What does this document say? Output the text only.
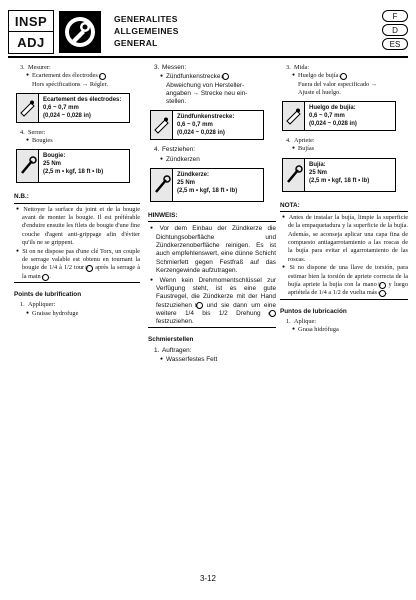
INSP
ADJ
GENERALITES
ALLGEMEINES
GENERAL
F
D
ES
3. Mesurer:
● Ecartement des électrodes a
Hors spécifications → Régler.
Ecartement des électrodes:
0,6 ~ 0,7 mm
(0,024 ~ 0,028 in)
4. Serrer:
● Bougies
Bougie:
25 Nm
(2,5 m • kgf, 18 ft • lb)
N.B.:
● Nettoyer la surface du joint et de la bougie avant de monter la bougie. Il est préférable d'enduire ensuite les filets de bougie d'une fine couche d'agent anti-grippage afin d'éviter qu'ils ne se grippent.
● Si on ne dispose pas d'une clé Torx, un couple de serrage valable est obtenu en tournant la bougie de 1/4 à 1/2 tour b après la serrage à la main c .
Points de lubrification
1. Appliquer:
● Graisse hydrofuge
3. Messen:
● Zündfunkenstrecke a
Abweichung von Hersteller-
angaben → Strecke neu ein-
stellen.
Zündfunkenstrecke:
0,6 ~ 0,7 mm
(0,024 ~ 0,028 in)
4. Festziehen:
● Zündkerzen
Zündkerze:
25 Nm
(2,5 m • kgf, 18 ft • lb)
HINWEIS:
● Vor dem Einbau der Zündkerze die Dichtungsoberfläche und Zündkerzenoberfläche reinigen. Es ist auch empfehlenswert, eine dünne Schicht Schmierfett gegen Festfraß auf das Kerzengewinde aufzutragen.
● Wenn kein Drehmomentschlüssel zur Verfügung steht, ist es eine gute Faustregel, die Zündkerze mit der Hand festzuziehen b und sie dann um eine weitere 1/4 bis 1/2 Drehung c festzuziehen.
Schmierstellen
1. Auftragen:
● Wasserfestes Fett
3. Mida:
● Huelgo de bujía a
Fuera del valor especificado →
Ajuste el huelgo.
Huelgo de bujía:
0,6 ~ 0,7 mm
(0,024 ~ 0,028 in)
4. Apriete:
● Bujías
Bujía:
25 Nm
(2,5 m • kgf, 18 ft • lb)
NOTA:
● Antes de instalar la bujía, limpie la superficie de la empaquetadura y la superficie de la bujía. Además, se aconseja aplicar una capa fina de compuesto antiagarrotamiento a las roscas de la bujía para evitar el agarrotamiento de las roscas.
● Si no dispone de una llave de torsión, para estimar bien la torsión de apriete correcta de la bujía apriete la bujía con la mano b y luego apriétela de 1/4 a 1/2 de vuelta más c .
Puntos de lubricación
1. Aplique:
● Grasa hidrófuga
3-12
